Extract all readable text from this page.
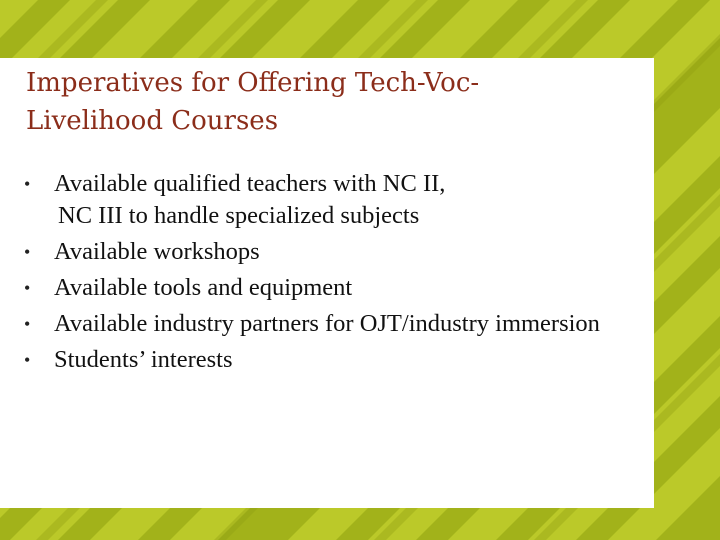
Imperatives for Offering Tech-Voc-Livelihood Courses
• Available qualified teachers with NC II,
NC III to handle specialized subjects
• Available workshops
• Available tools and equipment
• Available industry partners for OJT/industry immersion
• Students’ interests
